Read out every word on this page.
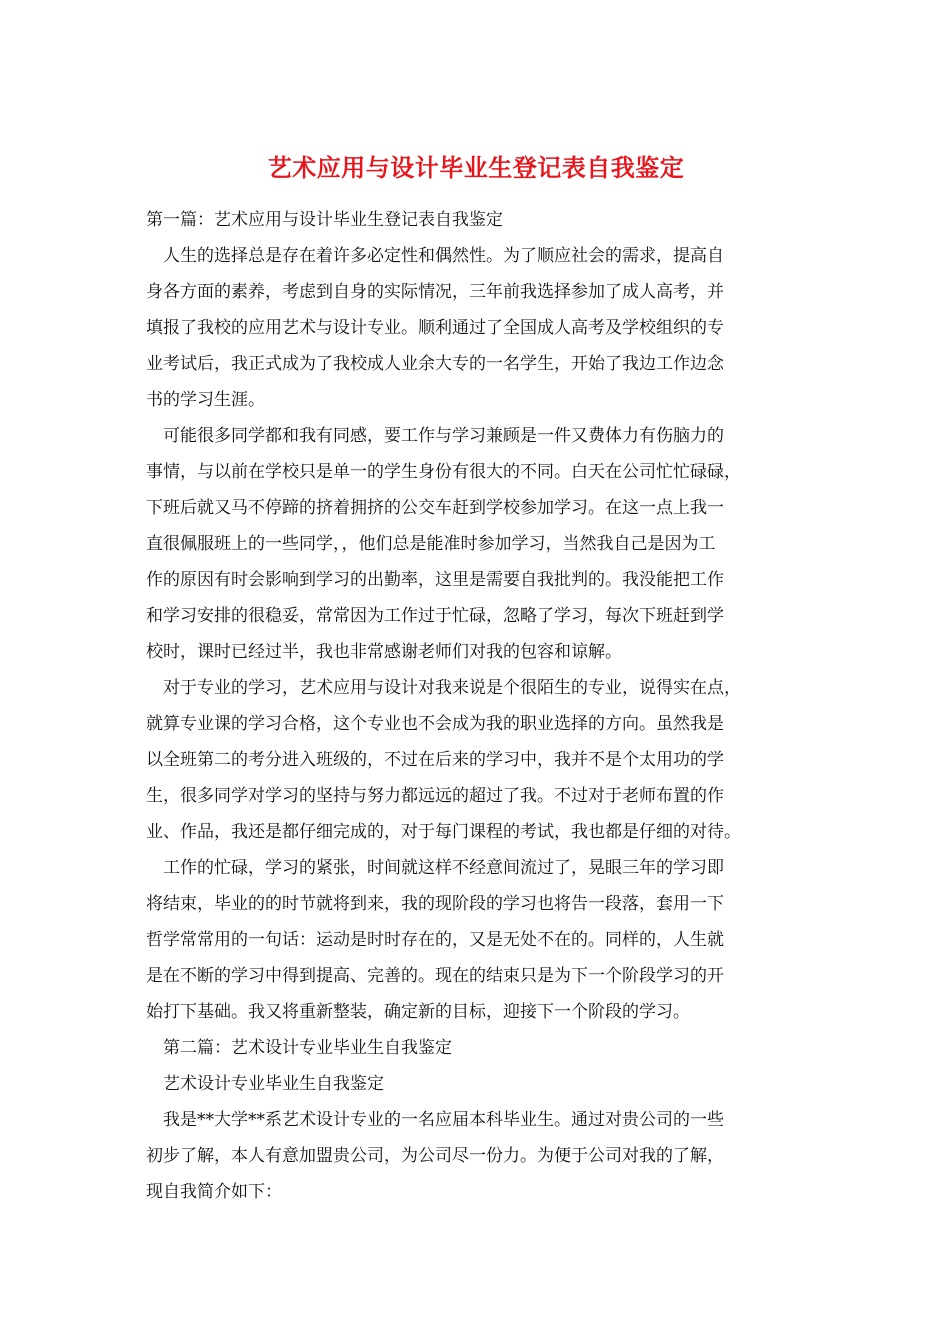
艺术应用与设计毕业生登记表自我鉴定

第一篇：艺术应用与设计毕业生登记表自我鉴定

人生的选择总是存在着许多必定性和偶然性。为了顺应社会的需求，提高自

身各方面的素养，考虑到自身的实际情况，三年前我选择参加了成人高考，并

填报了我校的应用艺术与设计专业。顺利通过了全国成人高考及学校组织的专

业考试后，我正式成为了我校成人业余大专的一名学生，开始了我边工作边念

书的学习生涯。

可能很多同学都和我有同感，要工作与学习兼顾是一件又费体力有伤脑力的

事情，与以前在学校只是单一的学生身份有很大的不同。白天在公司忙忙碌碌，

下班后就又马不停蹄的挤着拥挤的公交车赶到学校参加学习。在这一点上我一

直很佩服班上的一些同学，，他们总是能准时参加学习，当然我自己是因为工

作的原因有时会影响到学习的出勤率，这里是需要自我批判的。我没能把工作

和学习安排的很稳妥，常常因为工作过于忙碌，忽略了学习，每次下班赶到学

校时，课时已经过半，我也非常感谢老师们对我的包容和谅解。

对于专业的学习，艺术应用与设计对我来说是个很陌生的专业，说得实在点，

就算专业课的学习合格，这个专业也不会成为我的职业选择的方向。虽然我是

以全班第二的考分进入班级的，不过在后来的学习中，我并不是个太用功的学

生，很多同学对学习的坚持与努力都远远的超过了我。不过对于老师布置的作

业、作品，我还是都仔细完成的，对于每门课程的考试，我也都是仔细的对待。

工作的忙碌，学习的紧张，时间就这样不经意间流过了，晃眼三年的学习即

将结束，毕业的的时节就将到来，我的现阶段的学习也将告一段落，套用一下

哲学常常用的一句话：运动是时时存在的，又是无处不在的。同样的，人生就

是在不断的学习中得到提高、完善的。现在的结束只是为下一个阶段学习的开

始打下基础。我又将重新整装，确定新的目标，迎接下一个阶段的学习。

第二篇：艺术设计专业毕业生自我鉴定

艺术设计专业毕业生自我鉴定

我是**大学**系艺术设计专业的一名应届本科毕业生。通过对贵公司的一些

初步了解，本人有意加盟贵公司，为公司尽一份力。为便于公司对我的了解，

现自我简介如下：
